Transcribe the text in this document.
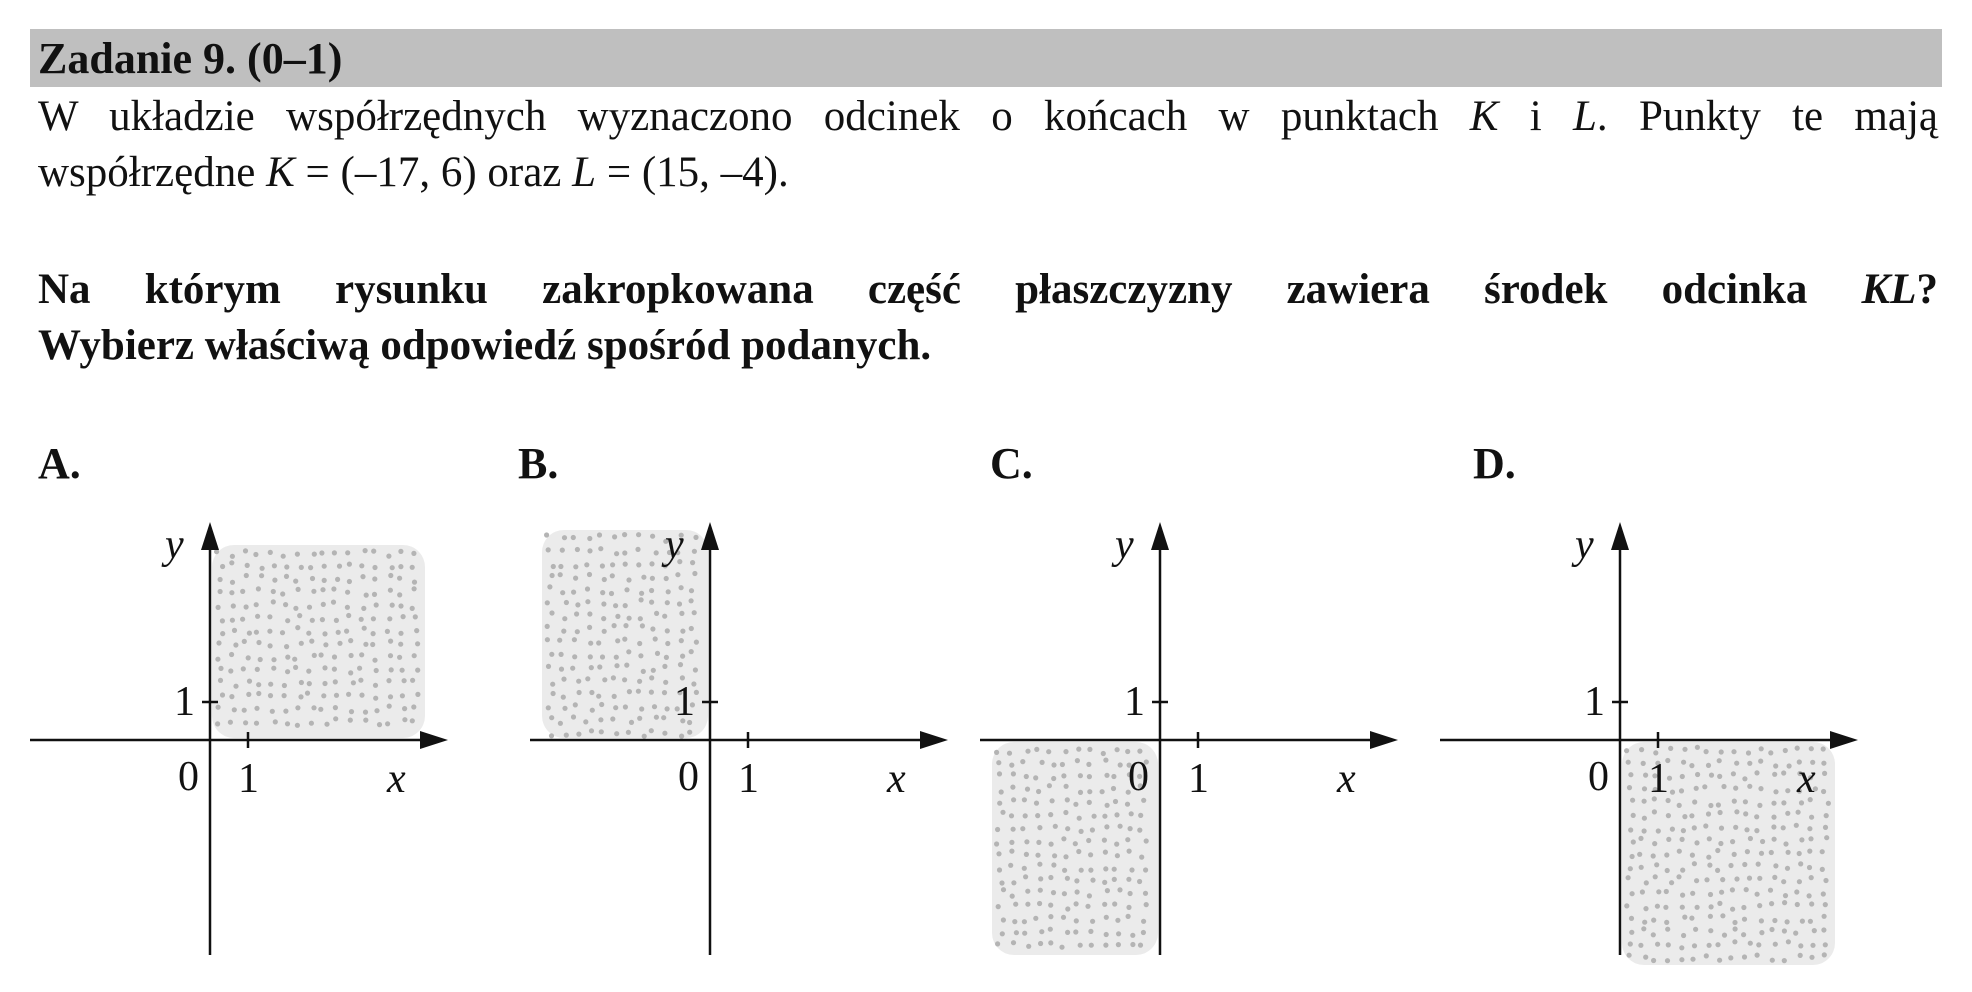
Zadanie 9. (0–1)
W układzie współrzędnych wyznaczono odcinek o końcach w punktach K i L. Punkty te mają
współrzędne K = (–17, 6) oraz L = (15, –4).
Na którym rysunku zakropkowana część płaszczyzny zawiera środek odcinka KL?
Wybierz właściwą odpowiedź spośród podanych.
A.	B.	C.	D.
y
x
0 1
1
y
x
0 1
1
y
x
0 1
1
y
x
0 1
1
